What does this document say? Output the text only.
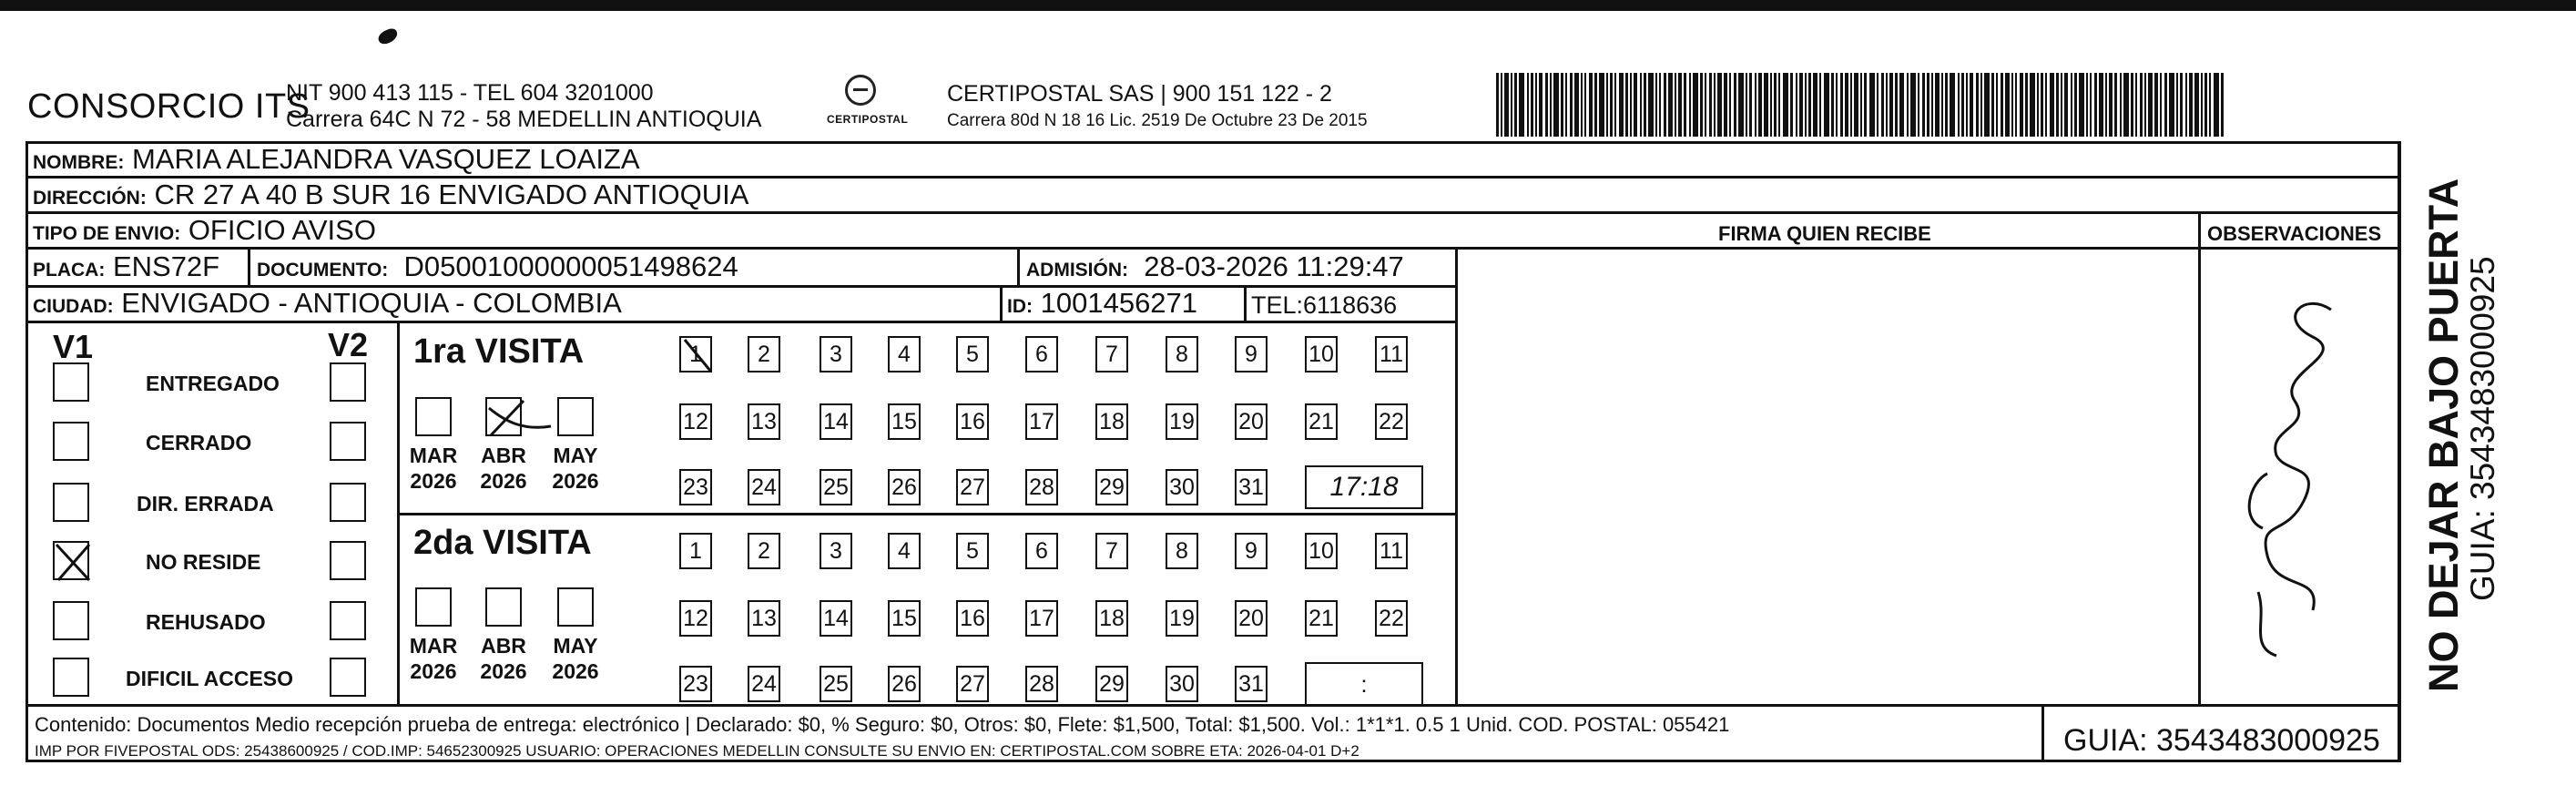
CONSORCIO ITS
NIT 900 413 115 - TEL 604 3201000
Carrera 64C N 72 - 58 MEDELLIN ANTIOQUIA	CERTIPOSTAL
CERTIPOSTAL SAS | 900 151 122 - 2
Carrera 80d N 18 16 Lic. 2519 De Octubre 23 De 2015
NOMBRE: MARIA ALEJANDRA VASQUEZ LOAIZA
DIRECCIÓN: CR 27 A 40 B SUR 16 ENVIGADO ANTIOQUIA
TIPO DE ENVIO: OFICIO AVISO	FIRMA QUIEN RECIBE	OBSERVACIONES
PLACA: ENS72F DOCUMENTO: D05001000000051498624	ADMISIÓN: 28-03-2026 11:29:47
CIUDAD: ENVIGADO - ANTIOQUIA - COLOMBIA	ID: 1001456271 TEL:6118636
V1	V2
ENTREGADO
CERRADO
DIR. ERRADA
NO RESIDE
REHUSADO
DIFICIL ACCESO
1ra VISITA
2da VISITA
MAR
2026
ABR
2026
MAY
2026
1	2	3	4	5	6	7	8	9	10 11
12 13 14 15 16 17 18 19 20 21 22
23 24 25 26 27 28 29 30 31	17:18
MAR
2026
ABR
2026
MAY
2026
1	2	3	4	5	6	7	8	9	10 11
12 13 14 15 16 17 18 19 20 21 22
23 24 25 26 27 28 29 30 31	:
Contenido: Documentos Medio recepción prueba de entrega: electrónico | Declarado: $0, % Seguro: $0, Otros: $0, Flete: $1,500, Total: $1,500. Vol.: 1*1*1. 0.5 1 Unid. COD. POSTAL: 055421
IMP POR FIVEPOSTAL ODS: 25438600925 / COD.IMP: 54652300925 USUARIO: OPERACIONES MEDELLIN CONSULTE SU ENVIO EN: CERTIPOSTAL.COM SOBRE ETA: 2026-04-01 D+2	GUIA: 3543483000925
NO DEJAR BAJO PUERTA
GUIA: 3543483000925
